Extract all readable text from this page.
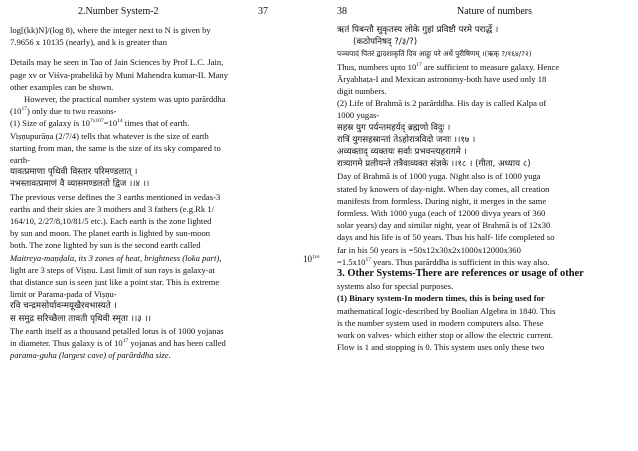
2.Number System-2	37

log[(kk)N]/(log 8), where the integer next to N is given by

7.9656 x 10135 (nearly), and k is greater than

Details may be seen in Tao of Jain Sciences by Prof L.C. Jain,

page xv or Viśva-prahelikā by Muni Mahendra kumar-II. Many

other examples can be shown.

However, the practical number system was upto parārddha

$(10^{17})$ only due to two reasons-

(1) Size of galaxy is $10^{7x107}=10^{14}$ times that of earth.

Viṣṇupurāṇa (2/7/4) tells that whatever is the size of earth

starting from man, the same is the size of its sky compared to

earth-

यावत्प्रमाणा पृथिवी विस्तार परिमण्डलात् ।

नभस्तावत्प्रमाणं वै व्यासमण्डलतो द्विज ।।४ ।।

The previous verse defines the 3 earths mentioned in vedas-3

earths and their skies are 3 mothers and 3 fathers (e.g.Rk 1/

164/10, 2/27/8,10/81/5 etc.). Each earth is the zone lighted

by sun and moon. The planet earth is lighted by sun-moon

both. The zone lighted by sun is the second earth called

Maitreya-maṇḍala, its 3 zones of heat, brightness (loka part),

light are 3 steps of Viṣṇu. Last limit of sun rays is galaxy-at

that distance sun is seen just like a point star. This is extreme

limit or Parama-pada of Viṣṇu-

रवि चन्द्रमसोर्यावन्मयूखैरवभास्यते ।

स समुद्र सरिच्छैला तावती पृथिवी स्मृता ।।३ ।।

The earth itself as a thousand petalled lotus is of 1000 yojanas

in diameter. Thus galaxy is of $10^{17}$ yojanas and has been called

parama-guha (largest cave) of parārddha size.

$10^{1yo}$
38	Nature of numbers

ऋतं पिबन्तौ सुकृतस्य लोके गुहां प्रविष्टौ परमे परार्द्धे ।

(कठोपनिषद् ?/३/?)

पञ्चपादं पितरं द्वादशाकृतिं दिव आहुः परे अर्धे पुरीषिणम् ।(ऋक् ?/१६४/?२)

Thus, numbers upto $10^{17}$ are sufficient to measure galaxy. Hence

Āryabhaṭa-I and Mexican astronomy-both have used only 18

digit numbers.

(2) Life of Brahmā is 2 parārddha. His day is called Kalpa of

1000 yugas-

सहस्र युग पर्यन्तमहर्यद् ब्रह्मणो विदुः ।

रात्रिं युगसहस्रान्तां तेऽहोरात्रविदो जनाः ।।१७ ।

अव्यक्ताद् व्यक्तयः सर्वाः प्रभवन्त्यहरागमे ।

रात्र्यागमे प्रलीयन्ते तत्रैवाव्यक्त संज्ञके ।।१८ । (गीता, अध्याय ८)

Day of Brahmā is of 1000 yuga. Night also is of 1000 yuga

stated by knowers of day-night. When day comes, all creation

manifests from formless. During night, it merges in the same

formless. With 1000 yuga (each of 12000 divya years of 360

solar years) day and similar night, year of Brahmā is of 12x30

days and his life is of 50 years. Thus his half- life completed so

far in his 50 years is =50x12x30x2x1000x12000x360

$=1.5x10^{17}$ years. Thus parārddha is sufficient in this way also.

3. Other Systems-There are references or usage of other

systems also for special purposes.

(1) Binary system-In modern times, this is being used for

mathematical logic-described by Boolian Algebra in 1840. This

is the number system used in modern computers also. These

work on valves- which either stop or allow the electric current.

Flow is 1 and stopping is 0. This system uses only these two
